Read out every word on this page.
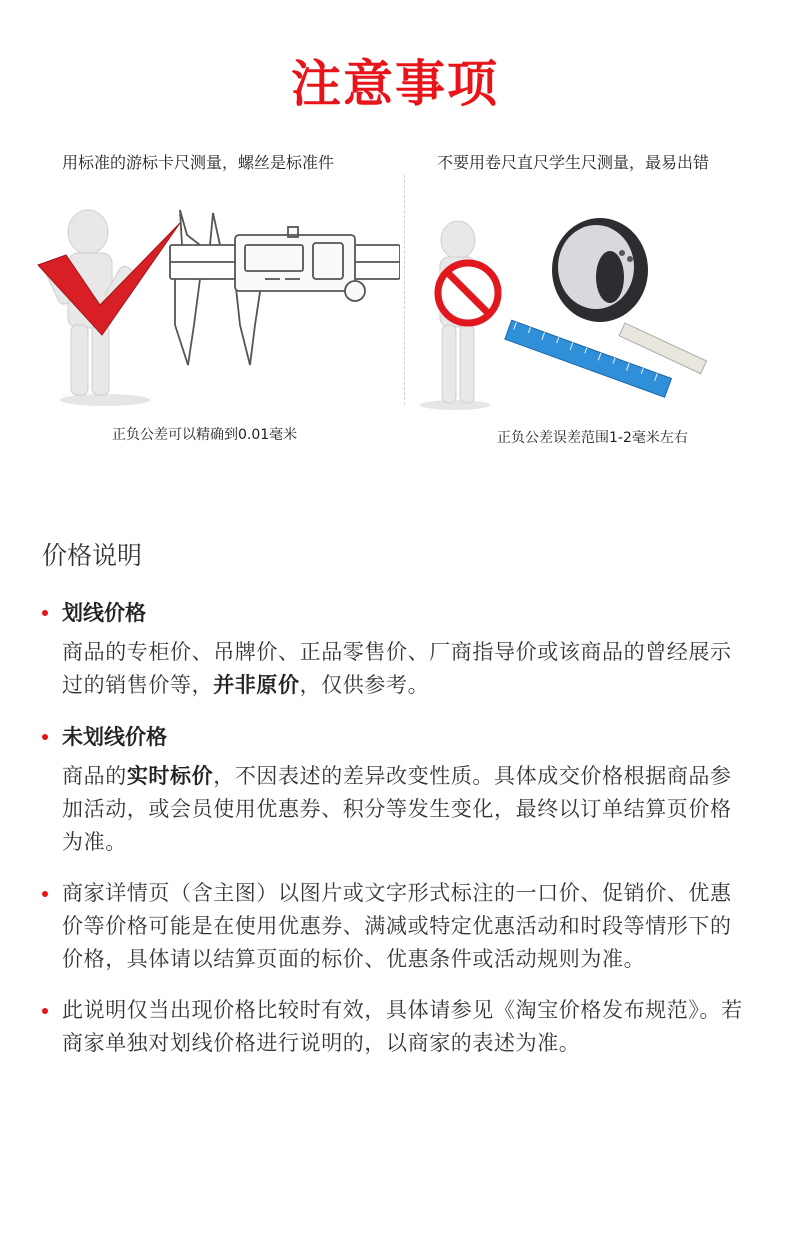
注意事项
用标准的游标卡尺测量，螺丝是标准件	不要用卷尺直尺学生尺测量，最易出错
正负公差可以精确到0.01毫米	正负公差误差范围1-2毫米左右
价格说明
划线价格
商品的专柜价、吊牌价、正品零售价、厂商指导价或该商品的曾经展示过的销售价等，并非原价，仅供参考。
未划线价格
商品的实时标价，不因表述的差异改变性质。具体成交价格根据商品参加活动，或会员使用优惠券、积分等发生变化，最终以订单结算页价格为准。
商家详情页（含主图）以图片或文字形式标注的一口价、促销价、优惠价等价格可能是在使用优惠券、满减或特定优惠活动和时段等情形下的价格，具体请以结算页面的标价、优惠条件或活动规则为准。
此说明仅当出现价格比较时有效，具体请参见《淘宝价格发布规范》。若商家单独对划线价格进行说明的，以商家的表述为准。
